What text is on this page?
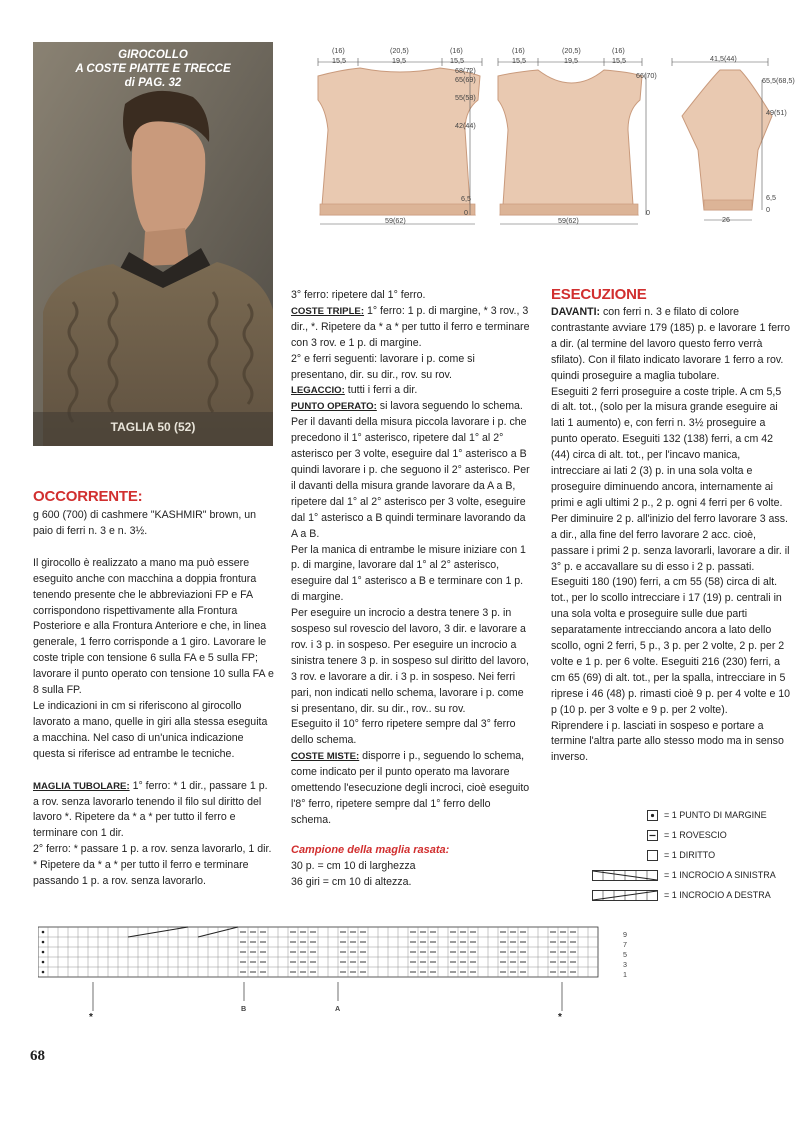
GIROCOLLO
A COSTE PIATTE E TRECCE
di PAG. 32
TAGLIA 50 (52)
OCCORRENTE:

g 600 (700) di cashmere "KASHMIR" brown, un paio di ferri n. 3 e n. 3½.

Il girocollo è realizzato a mano ma può essere eseguito anche con macchina a doppia frontura tenendo presente che le abbreviazioni FP e FA corrispondono rispettivamente alla Frontura Posteriore e alla Frontura Anteriore e che, in linea generale, 1 ferro corrisponde a 1 giro. Lavorare le coste triple con tensione 6 sulla FA e 5 sulla FP; lavorare il punto operato con tensione 10 sulla FA e 8 sulla FP.

Le indicazioni in cm si riferiscono al girocollo lavorato a mano, quelle in giri alla stessa eseguita a macchina. Nel caso di un'unica indicazione questa si riferisce ad entrambe le tecniche.

MAGLIA TUBOLARE: 1° ferro: * 1 dir., passare 1 p. a rov. senza lavorarlo tenendo il filo sul diritto del lavoro *. Ripetere da * a * per tutto il ferro e terminare con 1 dir.

2° ferro: * passare 1 p. a rov. senza lavorarlo, 1 dir. * Ripetere da * a * per tutto il ferro e terminare passando 1 p. a rov. senza lavorarlo.

3° ferro: ripetere dal 1° ferro.

COSTE TRIPLE: 1° ferro: 1 p. di margine, * 3 rov., 3 dir., *. Ripetere da * a * per tutto il ferro e terminare con 3 rov. e 1 p. di margine.

2° e ferri seguenti: lavorare i p. come si presentano, dir. su dir., rov. su rov.

LEGACCIO: tutti i ferri a dir.

PUNTO OPERATO: si lavora seguendo lo schema. Per il davanti della misura piccola lavorare i p. che precedono il 1° asterisco, ripetere dal 1° al 2° asterisco per 3 volte, eseguire dal 1° asterisco a B quindi lavorare i p. che seguono il 2° asterisco. Per il davanti della misura grande lavorare da A a B, ripetere dal 1° al 2° asterisco per 3 volte, eseguire dal 1° asterisco a B quindi terminare lavorando da A a B.

Per la manica di entrambe le misure iniziare con 1 p. di margine, lavorare dal 1° al 2° asterisco, eseguire dal 1° asterisco a B e terminare con 1 p. di margine.

Per eseguire un incrocio a destra tenere 3 p. in sospeso sul rovescio del lavoro, 3 dir. e lavorare a rov. i 3 p. in sospeso. Per eseguire un incrocio a sinistra tenere 3 p. in sospeso sul diritto del lavoro, 3 rov. e lavorare a dir. i 3 p. in sospeso. Nei ferri pari, non indicati nello schema, lavorare i p. come si presentano, dir. su dir., rov.. su rov.

Eseguito il 10° ferro ripetere sempre dal 3° ferro dello schema.

COSTE MISTE: disporre i p., seguendo lo schema, come indicato per il punto operato ma lavorare omettendo l'esecuzione degli incroci, cioè eseguito l'8° ferro, ripetere sempre dal 1° ferro dello schema.

Campione della maglia rasata:

30 p. = cm 10 di larghezza

36 giri = cm 10 di altezza.

ESECUZIONE

DAVANTI: con ferri n. 3 e filato di colore contrastante avviare 179 (185) p. e lavorare 1 ferro a dir. (al termine del lavoro questo ferro verrà sfilato). Con il filato indicato lavorare 1 ferro a rov. quindi proseguire a maglia tubolare.

Eseguiti 2 ferri proseguire a coste triple. A cm 5,5 di alt. tot., (solo per la misura grande eseguire ai lati 1 aumento) e, con ferri n. 3½ proseguire a punto operato. Eseguiti 132 (138) ferri, a cm 42 (44) circa di alt. tot., per l'incavo manica, intrecciare ai lati 2 (3) p. in una sola volta e proseguire diminuendo ancora, internamente ai primi e agli ultimi 2 p., 2 p. ogni 4 ferri per 6 volte. Per diminuire 2 p. all'inizio del ferro lavorare 3 ass. a dir., alla fine del ferro lavorare 2 acc. cioè, passare i primi 2 p. senza lavorarli, lavorare a dir. il 3° p. e accavallare su di esso i 2 p. passati. Eseguiti 180 (190) ferri, a cm 55 (58) circa di alt. tot., per lo scollo intrecciare i 17 (19) p. centrali in una sola volta e proseguire sulle due parti separatamente intrecciando ancora a lato dello scollo, ogni 2 ferri, 5 p., 3 p. per 2 volte, 2 p. per 2 volte e 1 p. per 6 volte. Eseguiti 216 (230) ferri, a cm 65 (69) di alt. tot., per la spalla, intrecciare in 5 riprese i 46 (48) p. rimasti cioè 9 p. per 4 volte e 10 p (10 p. per 3 volte e 9 p. per 2 volte).

Riprendere i p. lasciati in sospeso e portare a termine l'altra parte allo stesso modo ma in senso inverso.

(16)
15,5
(20,5)
19,5
(16)
15,5
68(72)
65(69)
55(58)
42(44)
6,5
0
59(62)
(16)
15,5
(20,5)
19,5
(16)
15,5
66(70)
0
59(62)
41,5(44)
65,5(68,5)
49(51)
6,5
0
26
= 1 PUNTO DI MARGINE
= 1 ROVESCIO
= 1 DIRITTO
= 1 INCROCIO A SINISTRA
= 1 INCROCIO A DESTRA
9
7
5
3
1
*	*
B	A
68
